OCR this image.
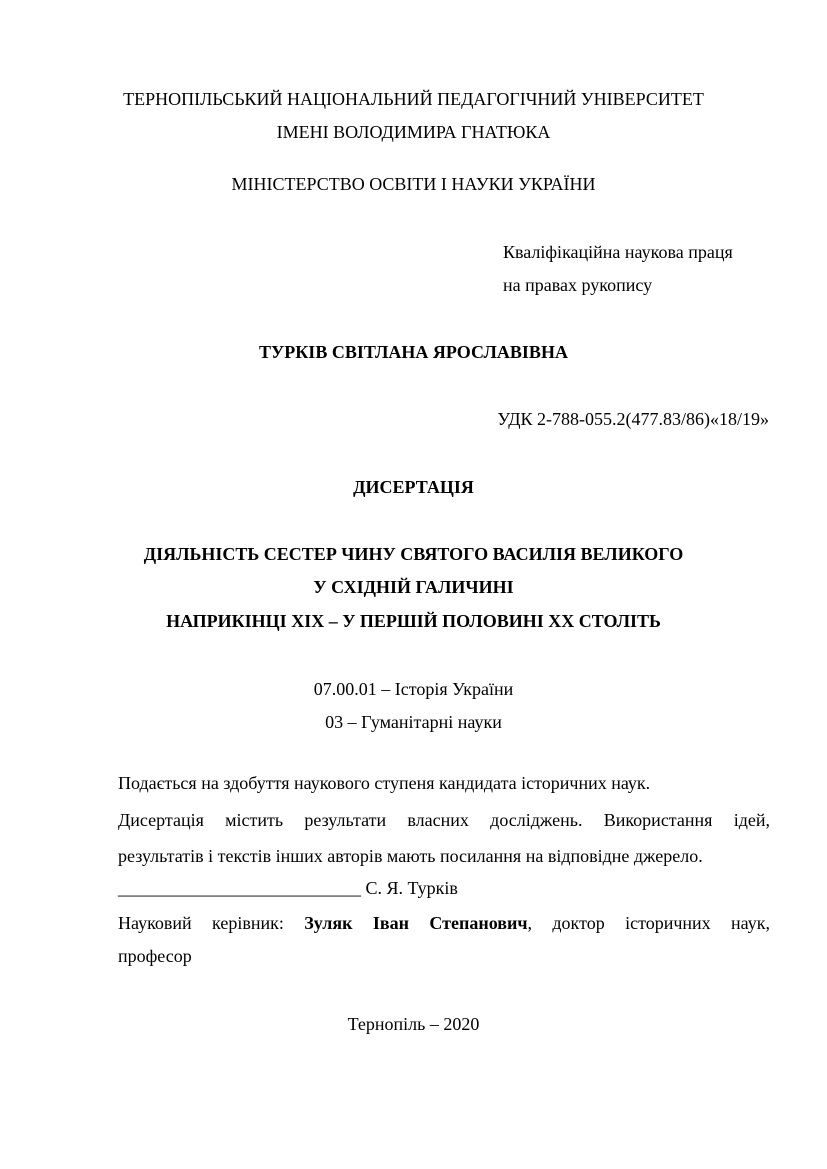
ТЕРНОПІЛЬСЬКИЙ НАЦІОНАЛЬНИЙ ПЕДАГОГІЧНИЙ УНІВЕРСИТЕТ
ІМЕНІ ВОЛОДИМИРА ГНАТЮКА
МІНІСТЕРСТВО ОСВІТИ І НАУКИ УКРАЇНИ
Кваліфікаційна наукова праця
на правах рукопису
ТУРКІВ СВІТЛАНА ЯРОСЛАВІВНА
УДК 2-788-055.2(477.83/86)«18/19»
ДИСЕРТАЦІЯ
ДІЯЛЬНІСТЬ СЕСТЕР ЧИНУ СВЯТОГО ВАСИЛІЯ ВЕЛИКОГО
У СХІДНІЙ ГАЛИЧИНІ
НАПРИКІНЦІ ХІХ – У ПЕРШІЙ ПОЛОВИНІ ХХ СТОЛІТЬ
07.00.01 – Історія України
03 – Гуманітарні науки
Подається на здобуття наукового ступеня кандидата історичних наук.
Дисертація містить результати власних досліджень. Використання ідей,
результатів і текстів інших авторів мають посилання на відповідне джерело.
___________________________ С. Я. Турків
Науковий керівник: Зуляк Іван Степанович, доктор історичних наук,
професор
Тернопіль – 2020
